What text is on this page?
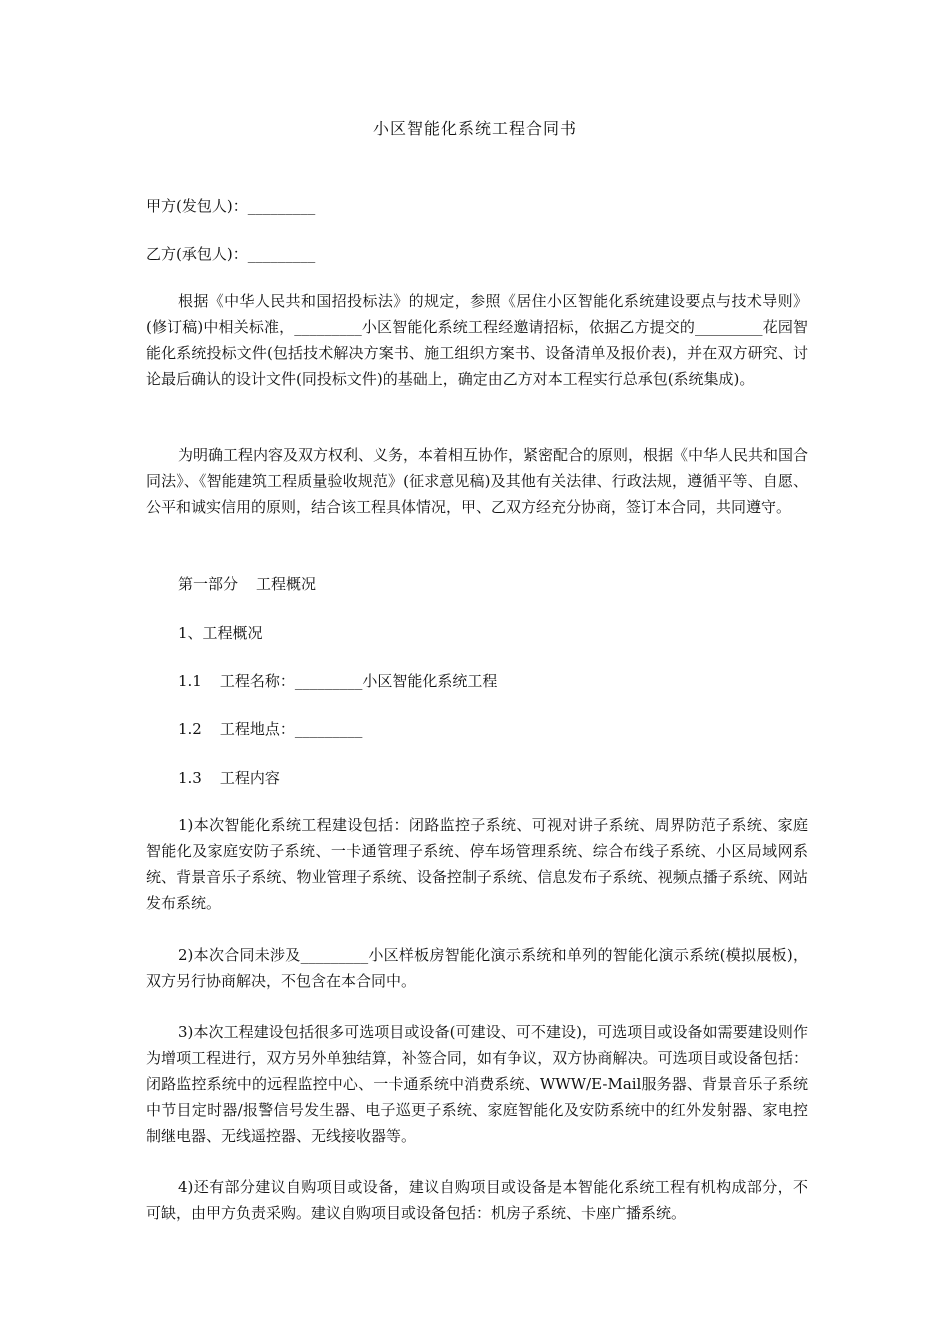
小区智能化系统工程合同书
甲方(发包人)：_________
乙方(承包人)：_________

根据《中华人民共和国招投标法》的规定，参照《居住小区智能化系统建设要点与技术导则》(修订稿)中相关标准，_________小区智能化系统工程经邀请招标，依据乙方提交的_________花园智能化系统投标文件(包括技术解决方案书、施工组织方案书、设备清单及报价表)，并在双方研究、讨论最后确认的设计文件(同投标文件)的基础上，确定由乙方对本工程实行总承包(系统集成)。

为明确工程内容及双方权利、义务，本着相互协作，紧密配合的原则，根据《中华人民共和国合同法》、《智能建筑工程质量验收规范》(征求意见稿)及其他有关法律、行政法规，遵循平等、自愿、公平和诚实信用的原则，结合该工程具体情况，甲、乙双方经充分协商，签订本合同，共同遵守。

第一部分 工程概况
1、工程概况
1.1 工程名称：_________小区智能化系统工程
1.2 工程地点：_________
1.3 工程内容

1)本次智能化系统工程建设包括：闭路监控子系统、可视对讲子系统、周界防范子系统、家庭智能化及家庭安防子系统、一卡通管理子系统、停车场管理系统、综合布线子系统、小区局域网系统、背景音乐子系统、物业管理子系统、设备控制子系统、信息发布子系统、视频点播子系统、网站发布系统。

2)本次合同未涉及_________小区样板房智能化演示系统和单列的智能化演示系统(模拟展板)，双方另行协商解决，不包含在本合同中。

3)本次工程建设包括很多可选项目或设备(可建设、可不建设)，可选项目或设备如需要建设则作为增项工程进行，双方另外单独结算，补签合同，如有争议，双方协商解决。可选项目或设备包括：闭路监控系统中的远程监控中心、一卡通系统中消费系统、WWW/E-Mail服务器、背景音乐子系统中节目定时器/报警信号发生器、电子巡更子系统、家庭智能化及安防系统中的红外发射器、家电控制继电器、无线遥控器、无线接收器等。

4)还有部分建议自购项目或设备，建议自购项目或设备是本智能化系统工程有机构成部分，不可缺，由甲方负责采购。建议自购项目或设备包括：机房子系统、卡座广播系统。
